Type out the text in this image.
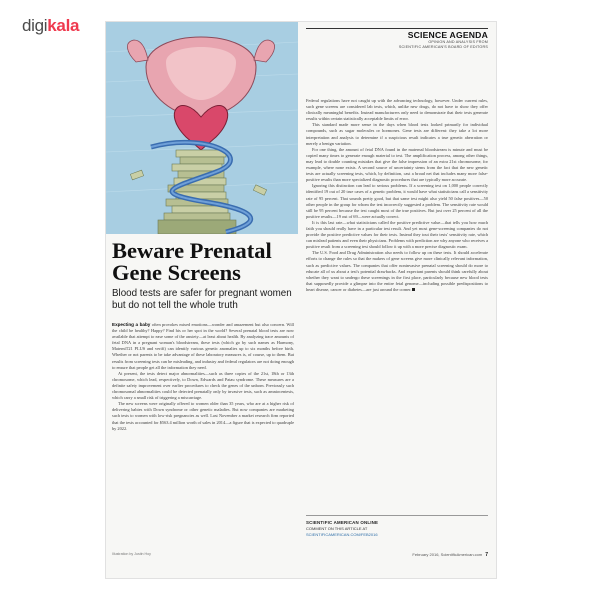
digikala	SCIENCE AGENDA
OPINION AND ANALYSIS FROM
SCIENTIFIC AMERICAN'S BOARD OF EDITORS
Beware Prenatal Gene Screens
Blood tests are safer for pregnant women but do not tell the whole truth

Expecting a baby often provokes mixed emotions—wonder and amazement but also concern. Will the child be healthy? Happy? Find his or her spot in the world? Several prenatal blood tests are now available that attempt to ease some of the anxiety—at least about health. By analyzing trace amounts of fetal DNA in a pregnant woman's bloodstream, these tests (which go by such names as Harmony, MaterniT21 PLUS and verifi) can identify various genetic anomalies up to six months before birth. Whether or not parents to be take advantage of these laboratory measures is, of course, up to them. But results from screening tests can be misleading, and industry and federal regulators are not doing enough to ensure that people get all the information they need.

At present, the tests detect major abnormalities—such as three copies of the 21st, 18th or 13th chromosome, which lead, respectively, to Down, Edwards and Patau syndrome. These measures are a definite safety improvement over earlier procedures to check the genes of the unborn. Previously such chromosomal abnormalities could be detected prenatally only by invasive tests, such as amniocentesis, which carry a small risk of triggering a miscarriage.

The new screens were originally offered to women older than 35 years, who are at a higher risk of delivering babies with Down syndrome or other genetic maladies. But now companies are marketing such tests to women with low-risk pregnancies as well. Last November a market research firm reported that the tests accounted for $563.4 million worth of sales in 2014—a figure that is expected to quadruple by 2022.

Federal regulations have not caught up with the advancing technology, however. Under current rules, such gene screens are considered lab tests, which, unlike new drugs, do not have to show they offer clinically meaningful benefits. Instead manufacturers only need to demonstrate that their tests generate results within certain statistically acceptable limits of error.

This standard made more sense in the days when blood tests looked primarily for individual compounds, such as sugar molecules or hormones. Gene tests are different: they take a lot more interpretation and analysis to determine if a suspicious result indicates a true genetic aberration or merely a benign variation.

For one thing, the amount of fetal DNA found in the maternal bloodstream is minute and must be copied many times to generate enough material to test. The amplification process, among other things, may lead to double counting mistakes that give the false impression of an extra 21st chromosome, for example, where none exists. A second source of uncertainty stems from the fact that the new genetic tests are actually screening tests, which, by definition, cast a broad net that includes many more false-positive results than more specialized diagnostic procedures that are typically more accurate.

Ignoring this distinction can lead to serious problems. If a screening test on 1,000 people correctly identified 19 out of 20 true cases of a genetic problem, it would have what statisticians call a sensitivity rate of 95 percent. That sounds pretty good, but that same test might also yield 50 false positives—50 other people in the group for whom the test incorrectly suggested a problem. The sensitivity rate would still be 95 percent because the test caught most of the true positives. But just over 25 percent of all the positive results—19 out of 69—were actually correct.

It is this last rate—what statisticians called the positive predictive value—that tells you how much faith you should really have in a particular test result. And yet most gene-screening companies do not provide the positive predictive values for their tests. Instead they tout their tests' sensitivity rate, which can mislead patients and even their physicians. Problems with prediction are why anyone who receives a positive result from a screening test should follow it up with a more precise diagnostic exam.

The U.S. Food and Drug Administration also needs to follow up on these tests. It should accelerate efforts to change the rules so that the makers of gene screens give more clinically relevant information, such as predictive values. The companies that offer noninvasive prenatal screening should do more to educate all of us about a test's potential drawbacks. And expectant parents should think carefully about whether they want to undergo these screenings in the first place, particularly because new blood tests that supposedly provide a glimpse into the entire fetal genome—including possible predispositions to heart disease, cancer or diabetes—are just around the corner.

SCIENTIFIC AMERICAN ONLINE
COMMENT ON THIS ARTICLE AT
SCIENTIFICAMERICAN.COM/FEB2016
Illustration by Justin Hoy	February 2016, ScientificAmerican.com 7
